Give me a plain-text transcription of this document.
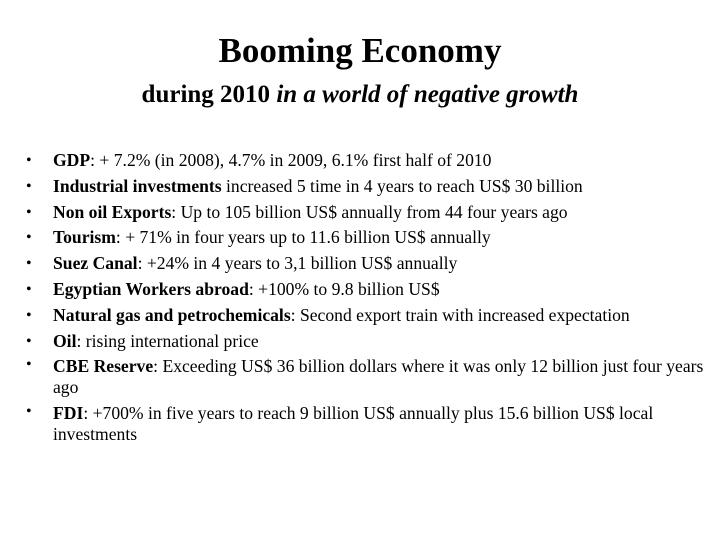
Booming Economy
during 2010 in a world of negative growth
• GDP: + 7.2% (in 2008), 4.7% in 2009, 6.1% first half of 2010
• Industrial investments increased 5 time in 4 years to reach US$ 30 billion
• Non oil Exports: Up to 105 billion US$ annually from 44 four years ago
• Tourism: + 71% in four years up to 11.6 billion US$ annually
• Suez Canal: +24% in 4 years to 3,1 billion US$ annually
• Egyptian Workers abroad: +100% to 9.8 billion US$
• Natural gas and petrochemicals: Second export train with increased expectation
• Oil: rising international price
• CBE Reserve: Exceeding US$ 36 billion dollars where it was only 12 billion just four years ago
• FDI: +700% in five years to reach 9 billion US$ annually plus 15.6 billion US$ local investments
